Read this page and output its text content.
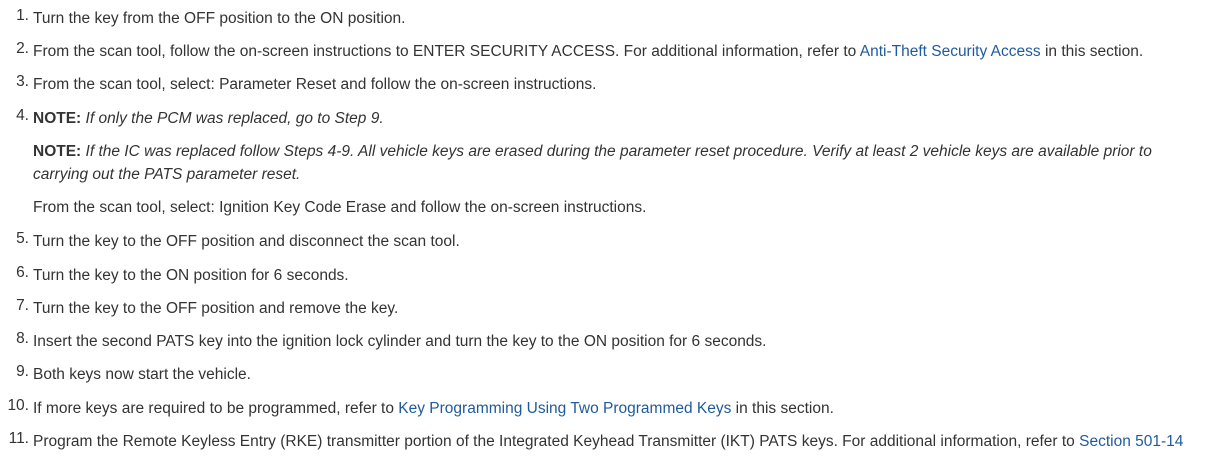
1. Turn the key from the OFF position to the ON position.
2. From the scan tool, follow the on-screen instructions to ENTER SECURITY ACCESS. For additional information, refer to Anti-Theft Security Access in this section.
3. From the scan tool, select: Parameter Reset and follow the on-screen instructions.
4. NOTE: If only the PCM was replaced, go to Step 9.
NOTE: If the IC was replaced follow Steps 4-9. All vehicle keys are erased during the parameter reset procedure. Verify at least 2 vehicle keys are available prior to carrying out the PATS parameter reset.
From the scan tool, select: Ignition Key Code Erase and follow the on-screen instructions.
5. Turn the key to the OFF position and disconnect the scan tool.
6. Turn the key to the ON position for 6 seconds.
7. Turn the key to the OFF position and remove the key.
8. Insert the second PATS key into the ignition lock cylinder and turn the key to the ON position for 6 seconds.
9. Both keys now start the vehicle.
10. If more keys are required to be programmed, refer to Key Programming Using Two Programmed Keys in this section.
11. Program the Remote Keyless Entry (RKE) transmitter portion of the Integrated Keyhead Transmitter (IKT) PATS keys. For additional information, refer to Section 501-14
